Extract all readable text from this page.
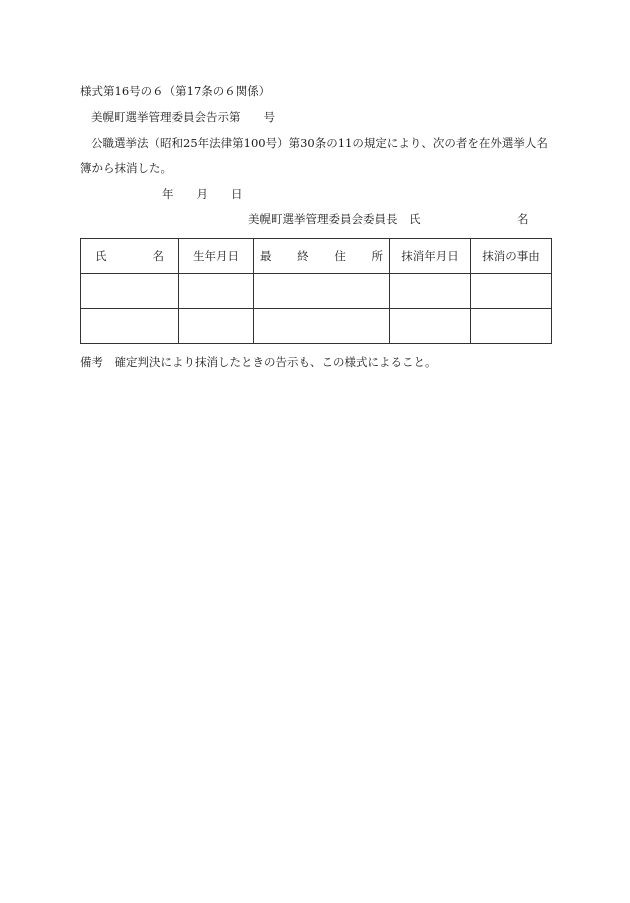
様式第16号の６（第17条の６関係）
美幌町選挙管理委員会告示第　　号
公職選挙法（昭和25年法律第100号）第30条の11の規定により、次の者を在外選挙人名
簿から抹消した。
年　　月　　日
美幌町選挙管理委員会委員長　氏	名
氏 名	生年月日	最 終 住 所	抹消年月日	抹消の事由

備考　確定判決により抹消したときの告示も、この様式によること。
